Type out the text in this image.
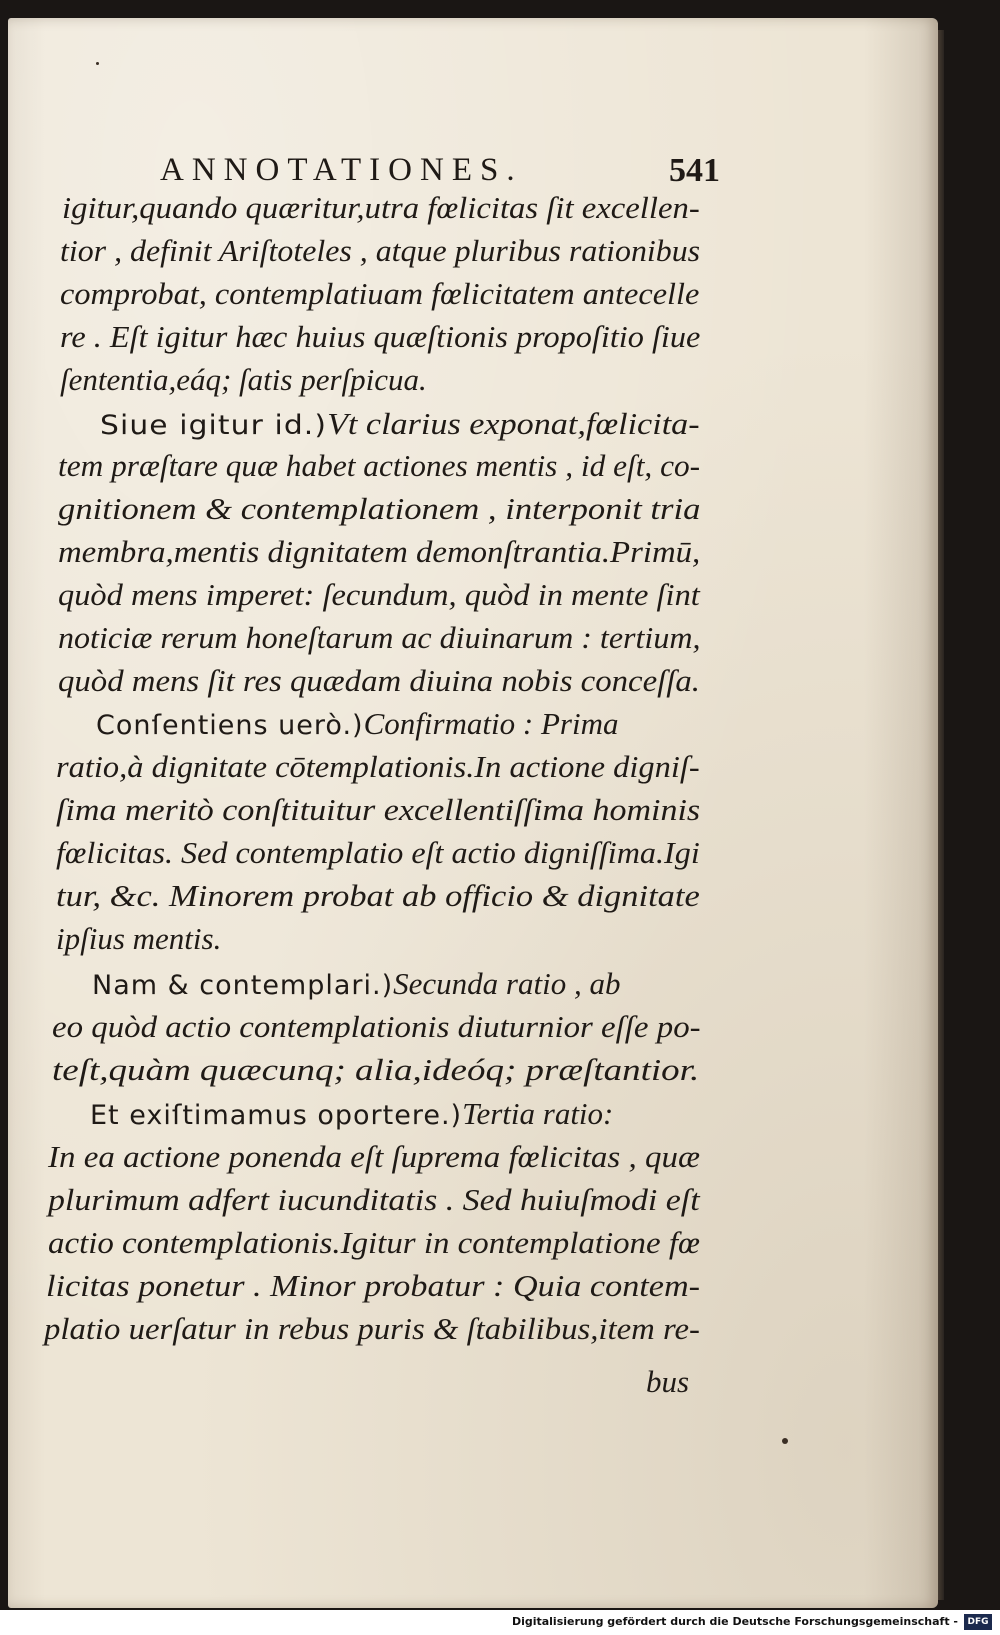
ANNOTATIONES.	541
igitur,quando quæritur,utra fœlicitas ſit excellen-
tior , definit Ariſtoteles , atque pluribus rationibus
comprobat, contemplatiuam fœlicitatem antecelle
re . Eſt igitur hæc huius quæſtionis propoſitio ſiue
ſententia,eáq; ſatis perſpicua.
Siue igitur id.)Vt clarius exponat,fœlicita-
tem præſtare quæ habet actiones mentis , id eſt, co-
gnitionem & contemplationem , interponit tria
membra,mentis dignitatem demonſtrantia.Primū,
quòd mens imperet: ſecundum, quòd in mente ſint
noticiæ rerum honeſtarum ac diuinarum : tertium,
quòd mens ſit res quædam diuina nobis conceſſa.
Conſentiens uerò.)Confirmatio : Prima
ratio,à dignitate cōtemplationis.In actione digniſ-
ſima meritò conſtituitur excellentiſſima hominis
fœlicitas. Sed contemplatio eſt actio digniſſima.Igi
tur, &c. Minorem probat ab officio & dignitate
ipſius mentis.
Nam & contemplari.)Secunda ratio , ab
eo quòd actio contemplationis diuturnior eſſe po-
teſt,quàm quæcunq; alia,ideóq; præſtantior.
Et exiſtimamus oportere.)Tertia ratio:
In ea actione ponenda eſt ſuprema fœlicitas , quæ
plurimum adfert iucunditatis . Sed huiuſmodi eſt
actio contemplationis.Igitur in contemplatione fœ
licitas ponetur . Minor probatur : Quia contem-
platio uerſatur in rebus puris & ſtabilibus,item re-
bus
Digitalisierung gefördert durch die Deutsche Forschungsgemeinschaft -	DFG
